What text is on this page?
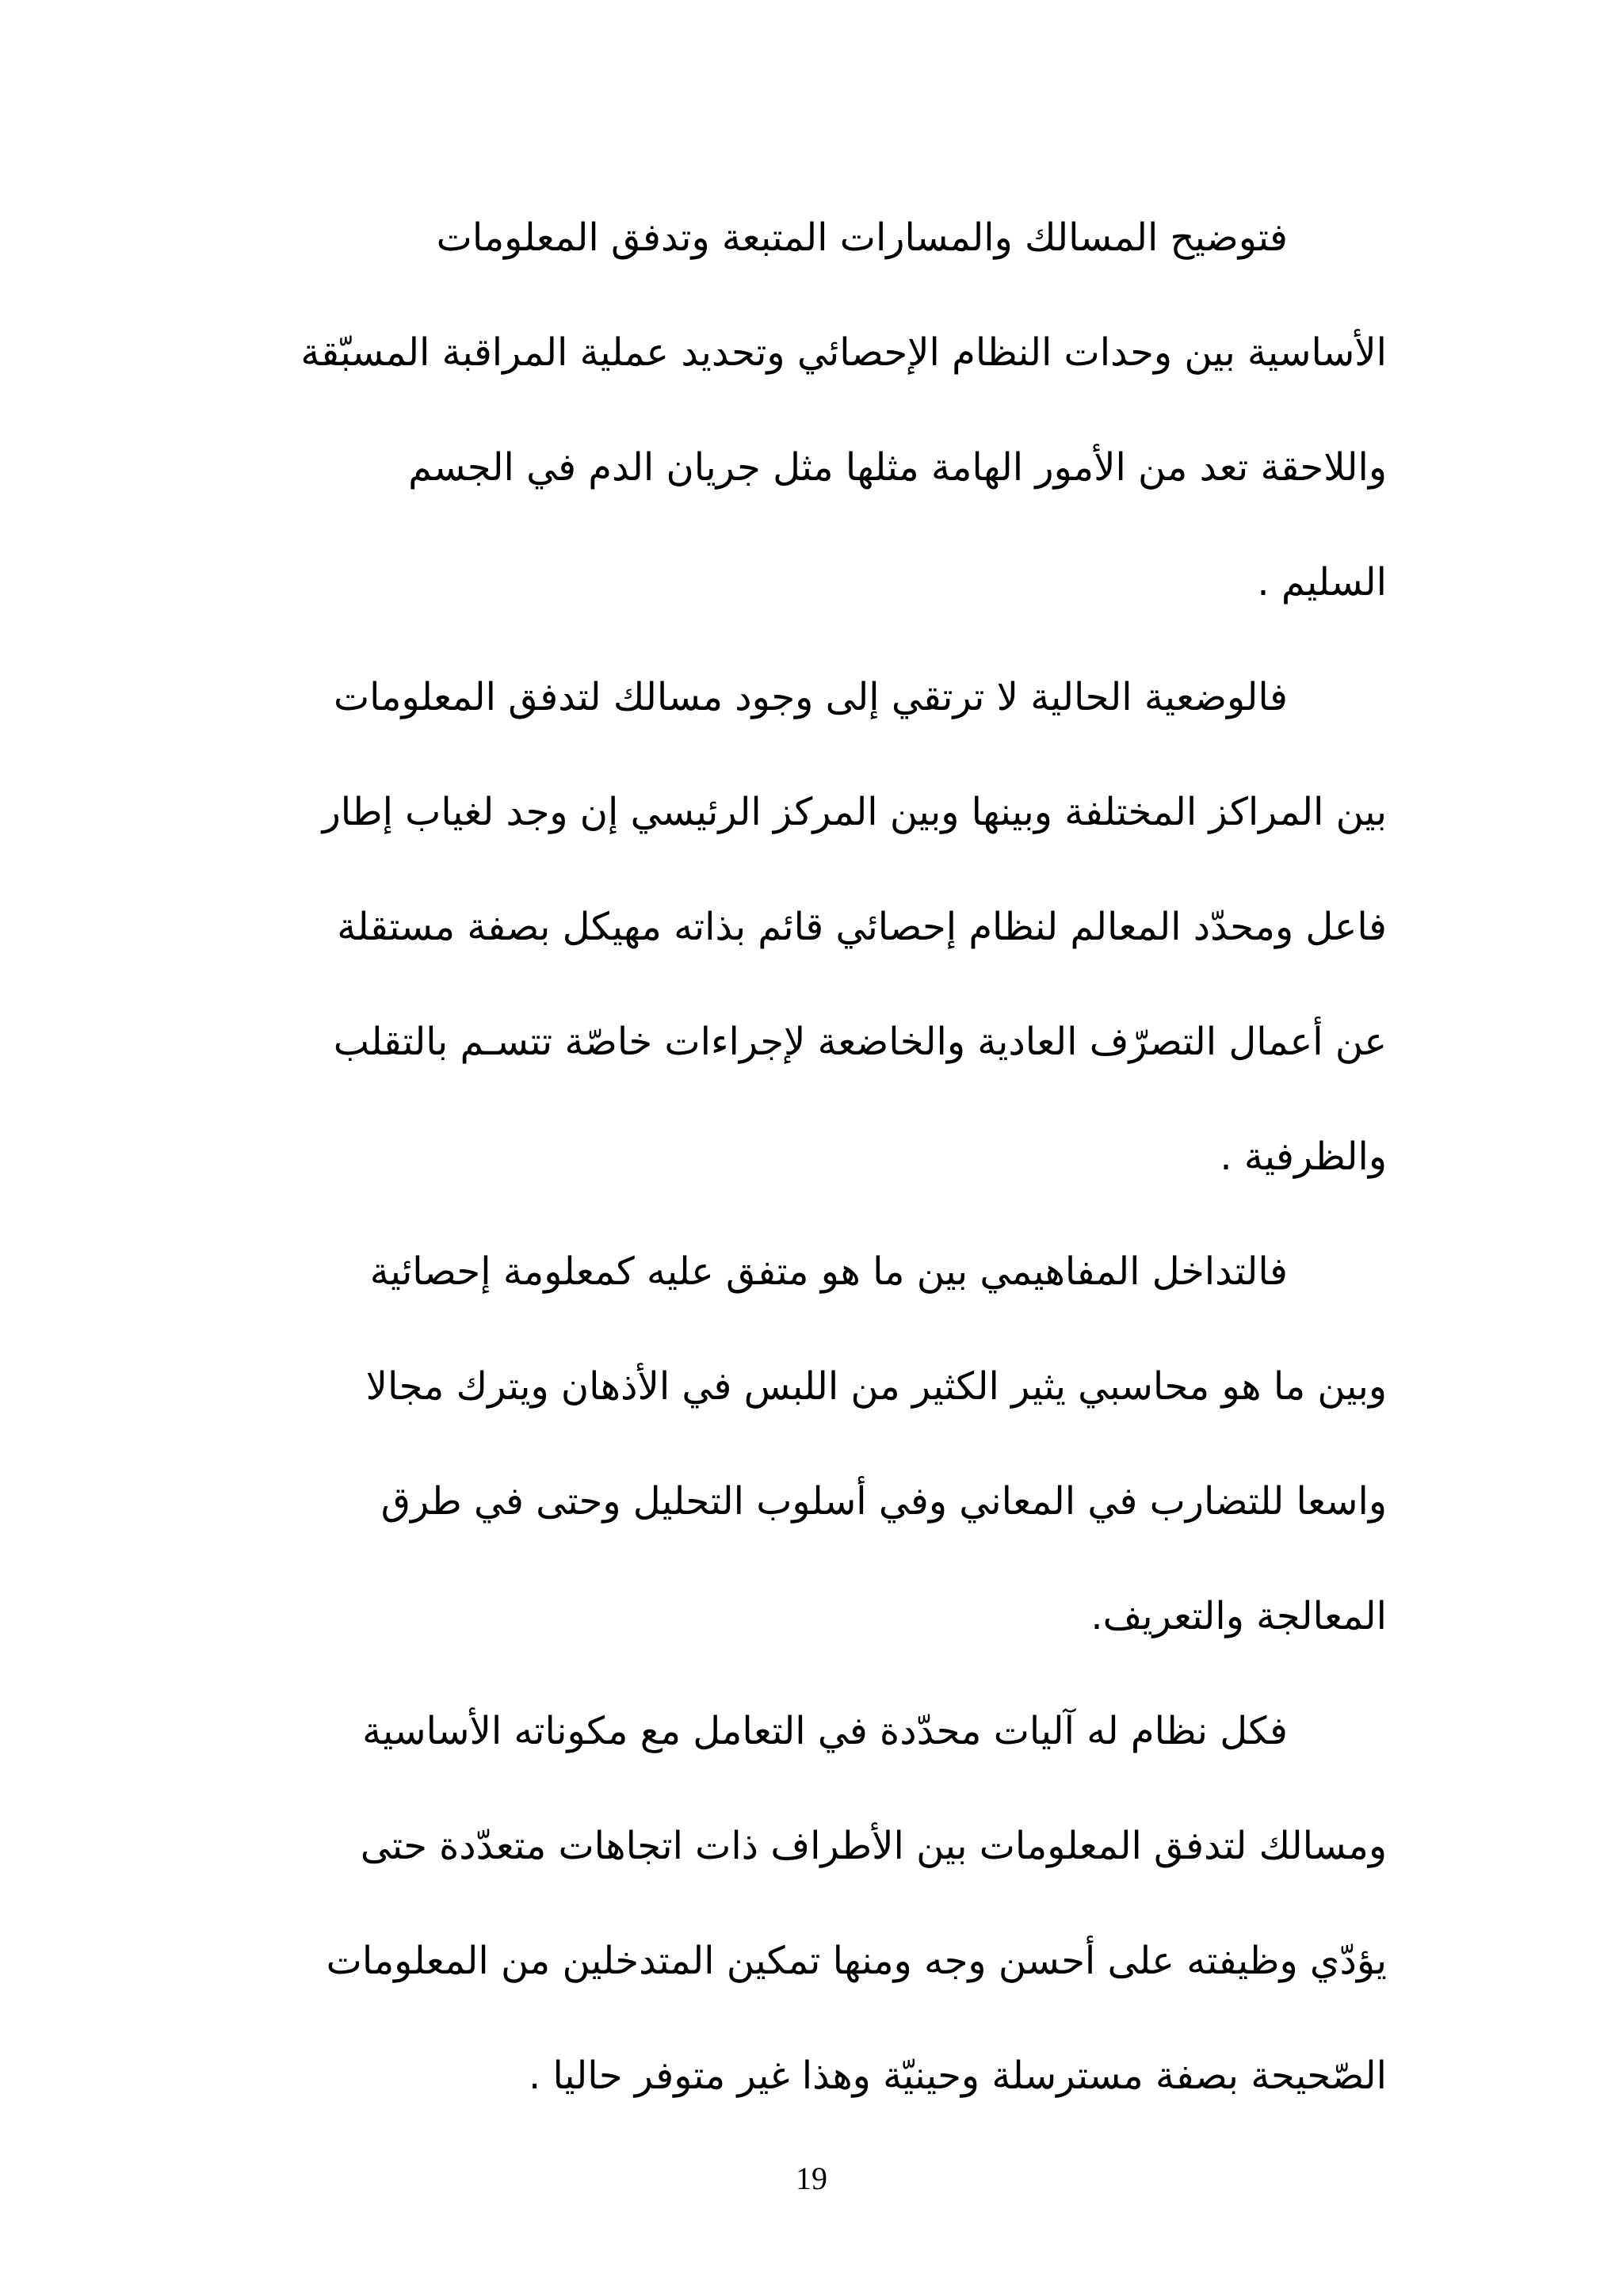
فتوضيح المسالك والمسارات المتبعة وتدفق المعلومات
الأساسية بين وحدات النظام الإحصائي وتحديد عملية المراقبة المسبّقة
واللاحقة تعد من الأمور الهامة مثلها مثل جريان الدم في الجسم
السليم .
فالوضعية الحالية لا ترتقي إلى وجود مسالك لتدفق المعلومات
بين المراكز المختلفة وبينها وبين المركز الرئيسي إن وجد لغياب إطار
فاعل ومحدّد المعالم لنظام إحصائي قائم بذاته مهيكل بصفة مستقلة
عن أعمال التصرّف العادية والخاضعة لإجراءات خاصّة تتسـم بالتقلب
والظرفية .
فالتداخل المفاهيمي بين ما هو متفق عليه كمعلومة إحصائية
وبين ما هو محاسبي يثير الكثير من اللبس في الأذهان ويترك مجالا
واسعا للتضارب في المعاني وفي أسلوب التحليل وحتى في طرق
المعالجة والتعريف.
فكل نظام له آليات محدّدة في التعامل مع مكوناته الأساسية
ومسالك لتدفق المعلومات بين الأطراف ذات اتجاهات متعدّدة حتى
يؤدّي وظيفته على أحسن وجه ومنها تمكين المتدخلين من المعلومات
الصّحيحة بصفة مسترسلة وحينيّة وهذا غير متوفر حاليا .
19
